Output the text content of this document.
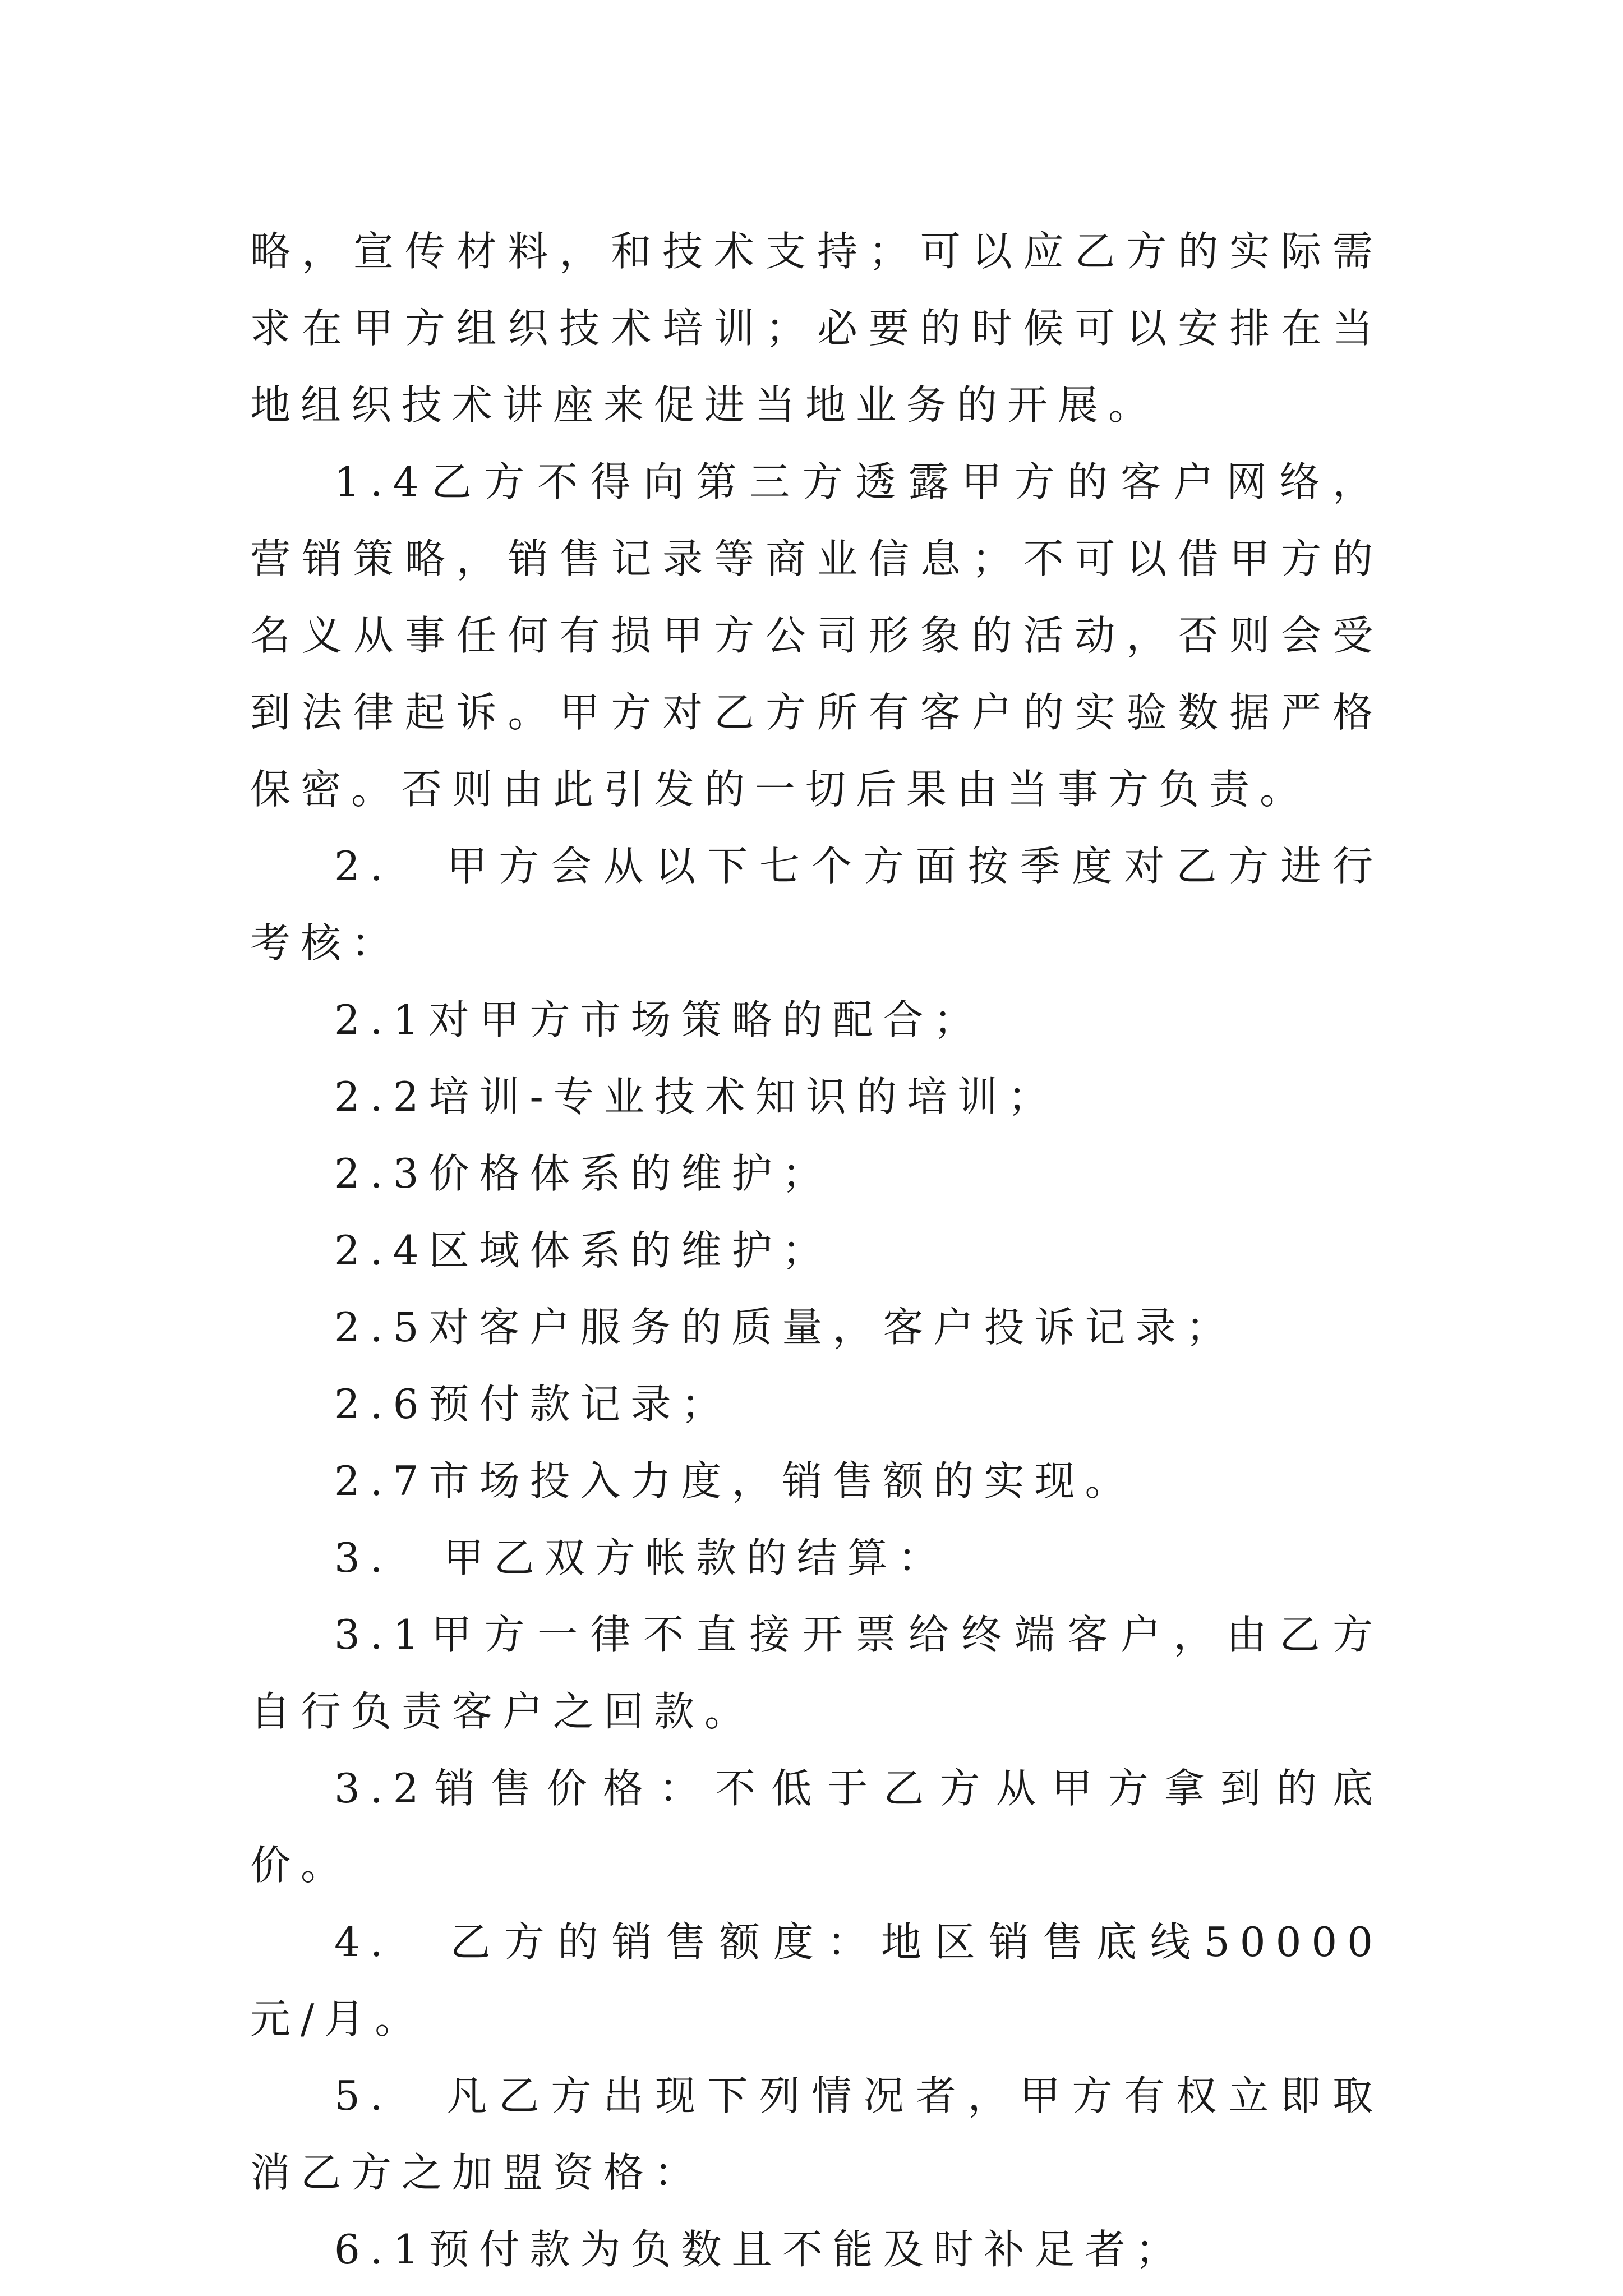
略，宣传材料，和技术支持；可以应乙方的实际需求在甲方组织技术培训；必要的时候可以安排在当地组织技术讲座来促进当地业务的开展。

1.4乙方不得向第三方透露甲方的客户网络，营销策略，销售记录等商业信息；不可以借甲方的名义从事任何有损甲方公司形象的活动，否则会受到法律起诉。甲方对乙方所有客户的实验数据严格保密。否则由此引发的一切后果由当事方负责。

2.　甲方会从以下七个方面按季度对乙方进行考核：

2.1对甲方市场策略的配合；

2.2培训-专业技术知识的培训；

2.3价格体系的维护；

2.4区域体系的维护；

2.5对客户服务的质量，客户投诉记录；

2.6预付款记录；

2.7市场投入力度，销售额的实现。

3.　甲乙双方帐款的结算：

3.1甲方一律不直接开票给终端客户，由乙方自行负责客户之回款。

3.2销售价格：不低于乙方从甲方拿到的底价。

4.　乙方的销售额度：地区销售底线50000元/月。

5.　凡乙方出现下列情况者，甲方有权立即取消乙方之加盟资格：

6.1预付款为负数且不能及时补足者；
